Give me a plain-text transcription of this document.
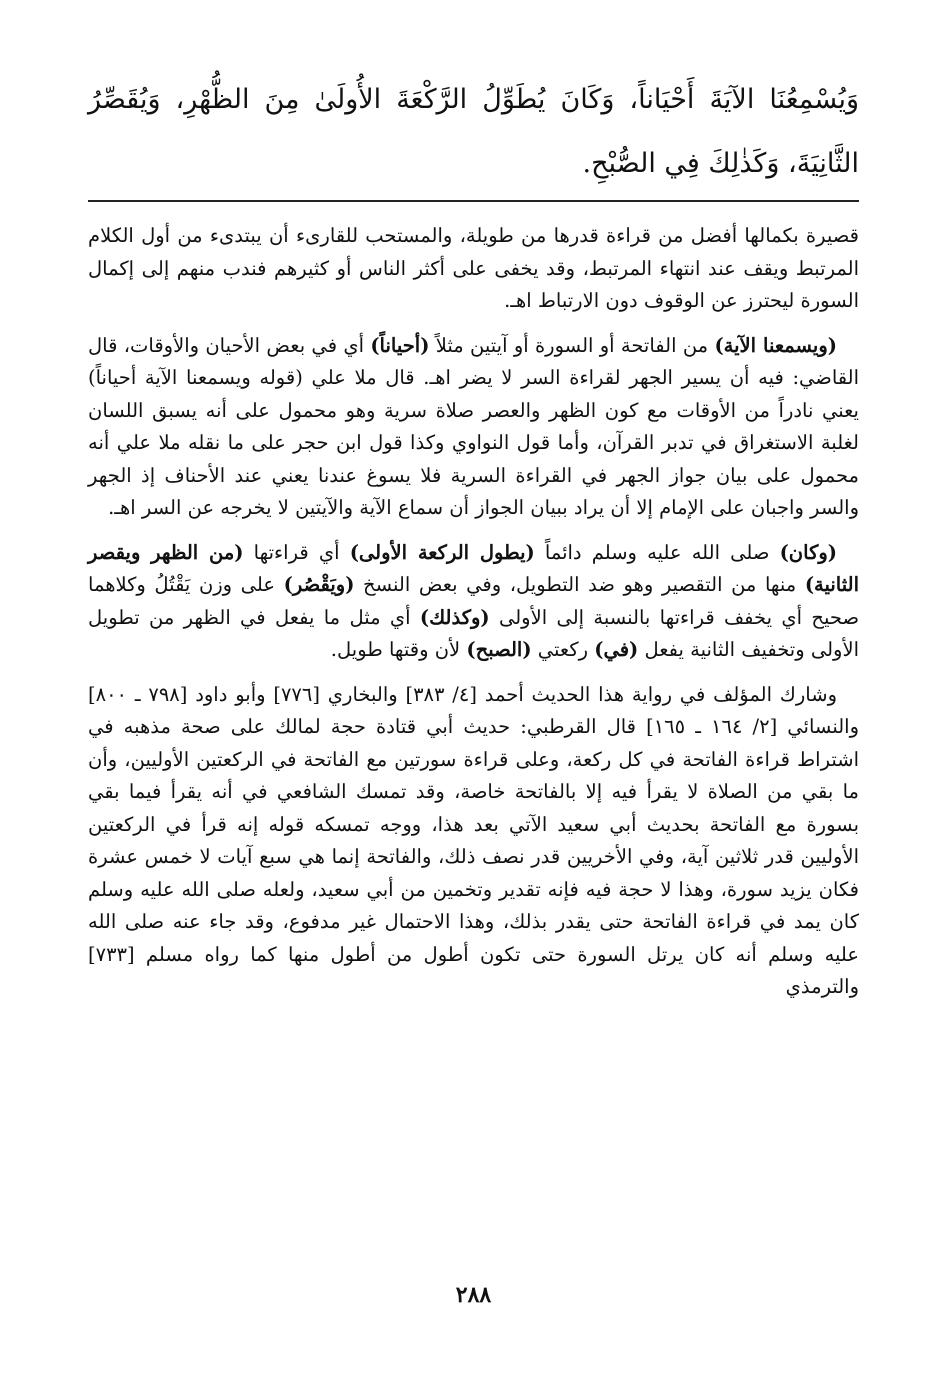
وَيُسْمِعُنَا الآيَةَ أَحْيَاناً، وَكَانَ يُطَوِّلُ الرَّكْعَةَ الأُولَىٰ مِنَ الظُّهْرِ، وَيُقَصِّرُ الثَّانِيَةَ، وَكَذٰلِكَ فِي الصُّبْحِ.

قصيرة بكمالها أفضل من قراءة قدرها من طويلة، والمستحب للقارىء أن يبتدىء من أول الكلام المرتبط ويقف عند انتهاء المرتبط، وقد يخفى على أكثر الناس أو كثيرهم فندب منهم إلى إكمال السورة ليحترز عن الوقوف دون الارتباط اهـ.

(ويسمعنا الآية) من الفاتحة أو السورة أو آيتين مثلاً (أحياناً) أي في بعض الأحيان والأوقات، قال القاضي: فيه أن يسير الجهر لقراءة السر لا يضر اهـ. قال ملا علي (قوله ويسمعنا الآية أحياناً) يعني نادراً من الأوقات مع كون الظهر والعصر صلاة سرية وهو محمول على أنه يسبق اللسان لغلبة الاستغراق في تدبر القرآن، وأما قول النواوي وكذا قول ابن حجر على ما نقله ملا علي أنه محمول على بيان جواز الجهر في القراءة السرية فلا يسوغ عندنا يعني عند الأحناف إذ الجهر والسر واجبان على الإمام إلا أن يراد ببيان الجواز أن سماع الآية والآيتين لا يخرجه عن السر اهـ.

(وكان) صلى الله عليه وسلم دائماً (يطول الركعة الأولى) أي قراءتها (من الظهر ويقصر الثانية) منها من التقصير وهو ضد التطويل، وفي بعض النسخ (ويَقْصُر) على وزن يَقْتُلُ وكلاهما صحيح أي يخفف قراءتها بالنسبة إلى الأولى (وكذلك) أي مثل ما يفعل في الظهر من تطويل الأولى وتخفيف الثانية يفعل (في) ركعتي (الصبح) لأن وقتها طويل.

وشارك المؤلف في رواية هذا الحديث أحمد [٤/ ٣٨٣] والبخاري [٧٧٦] وأبو داود [٧٩٨ ـ ٨٠٠] والنسائي [٢/ ١٦٤ ـ ١٦٥] قال القرطبي: حديث أبي قتادة حجة لمالك على صحة مذهبه في اشتراط قراءة الفاتحة في كل ركعة، وعلى قراءة سورتين مع الفاتحة في الركعتين الأوليين، وأن ما بقي من الصلاة لا يقرأ فيه إلا بالفاتحة خاصة، وقد تمسك الشافعي في أنه يقرأ فيما بقي بسورة مع الفاتحة بحديث أبي سعيد الآتي بعد هذا، ووجه تمسكه قوله إنه قرأ في الركعتين الأوليين قدر ثلاثين آية، وفي الأخريين قدر نصف ذلك، والفاتحة إنما هي سبع آيات لا خمس عشرة فكان يزيد سورة، وهذا لا حجة فيه فإنه تقدير وتخمين من أبي سعيد، ولعله صلى الله عليه وسلم كان يمد في قراءة الفاتحة حتى يقدر بذلك، وهذا الاحتمال غير مدفوع، وقد جاء عنه صلى الله عليه وسلم أنه كان يرتل السورة حتى تكون أطول من أطول منها كما رواه مسلم [٧٣٣] والترمذي

٢٨٨
